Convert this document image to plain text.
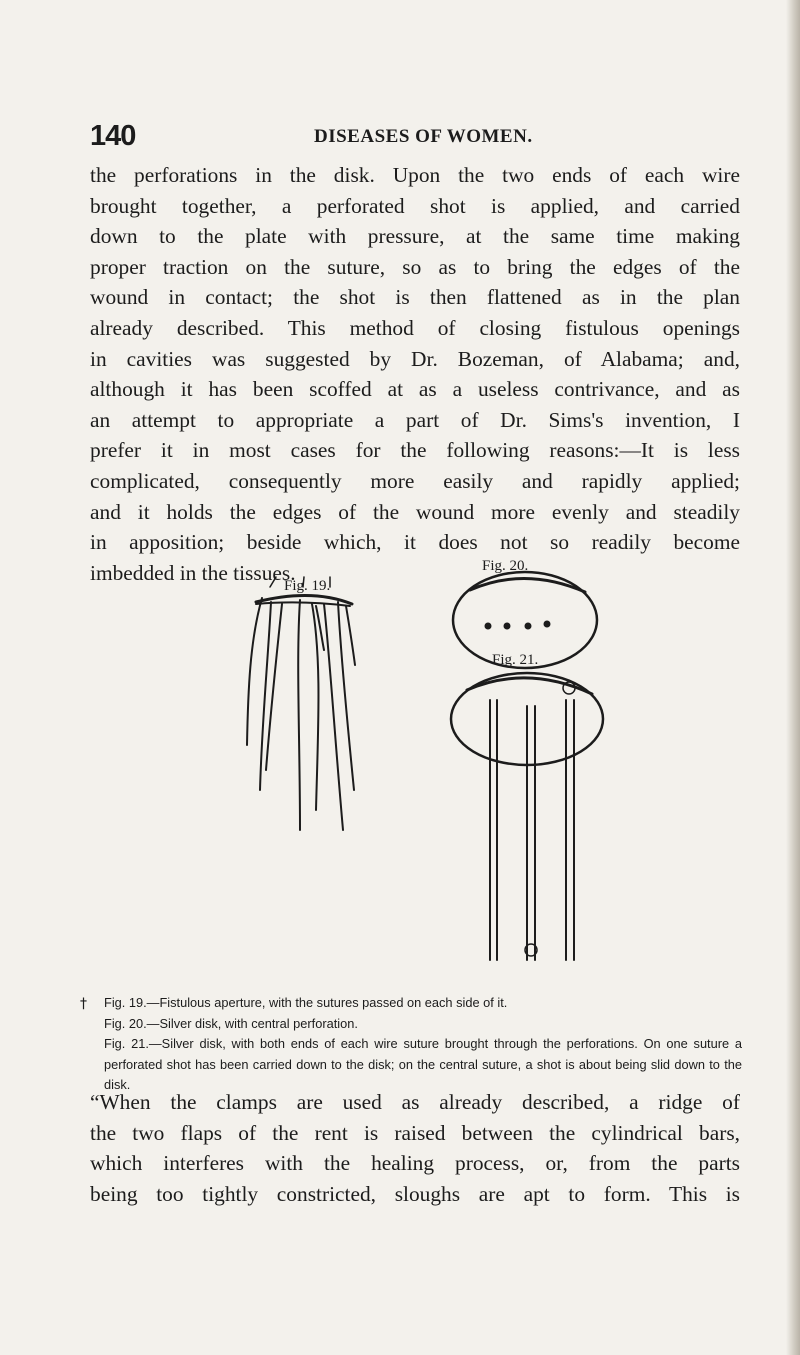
140	DISEASES OF WOMEN.
the perforations in the disk. Upon the two ends of each wire
brought together, a perforated shot is applied, and carried
down to the plate with pressure, at the same time making
proper traction on the suture, so as to bring the edges of the
wound in contact; the shot is then flattened as in the plan
already described. This method of closing fistulous openings
in cavities was suggested by Dr. Bozeman, of Alabama; and,
although it has been scoffed at as a useless contrivance, and as
an attempt to appropriate a part of Dr. Sims's invention, I
prefer it in most cases for the following reasons:—It is less
complicated, consequently more easily and rapidly applied;
and it holds the edges of the wound more evenly and steadily
in apposition; beside which, it does not so readily become
imbedded in the tissues.	Fig. 20.
Fig. 19.
Fig. 21.
†	Fig. 19.—Fistulous aperture, with the sutures passed on each side of it.
Fig. 20.—Silver disk, with central perforation.
Fig. 21.—Silver disk, with both ends of each wire suture brought through the perforations. On one suture a perforated shot has been carried down to the disk; on the central suture, a shot is about being slid down to the disk.
“When the clamps are used as already described, a ridge of
the two flaps of the rent is raised between the cylindrical bars,
which interferes with the healing process, or, from the parts
being too tightly constricted, sloughs are apt to form. This is
